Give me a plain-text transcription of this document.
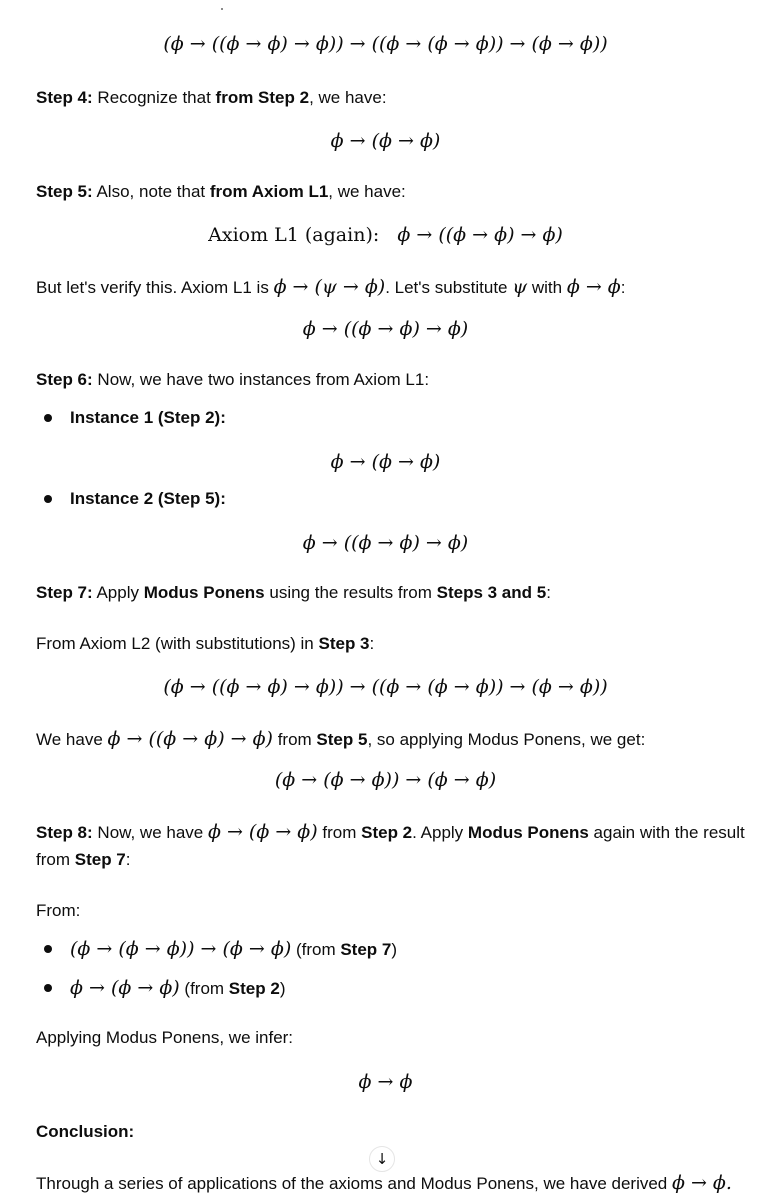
(ϕ → ((ϕ → ϕ) → ϕ)) → ((ϕ → (ϕ → ϕ)) → (ϕ → ϕ))
Step 4: Recognize that from Step 2, we have:
ϕ → (ϕ → ϕ)
Step 5: Also, note that from Axiom L1, we have:
Axiom L1 (again): ϕ → ((ϕ → ϕ) → ϕ)
But let's verify this. Axiom L1 is ϕ → (ψ → ϕ). Let's substitute ψ with ϕ → ϕ:
ϕ → ((ϕ → ϕ) → ϕ)
Step 6: Now, we have two instances from Axiom L1:
Instance 1 (Step 2):
ϕ → (ϕ → ϕ)
Instance 2 (Step 5):
ϕ → ((ϕ → ϕ) → ϕ)
Step 7: Apply Modus Ponens using the results from Steps 3 and 5:
From Axiom L2 (with substitutions) in Step 3:
(ϕ → ((ϕ → ϕ) → ϕ)) → ((ϕ → (ϕ → ϕ)) → (ϕ → ϕ))
We have ϕ → ((ϕ → ϕ) → ϕ) from Step 5, so applying Modus Ponens, we get:
(ϕ → (ϕ → ϕ)) → (ϕ → ϕ)
Step 8: Now, we have ϕ → (ϕ → ϕ) from Step 2. Apply Modus Ponens again with the result
from Step 7:
From:
(ϕ → (ϕ → ϕ)) → (ϕ → ϕ) (from Step 7)
ϕ → (ϕ → ϕ) (from Step 2)
Applying Modus Ponens, we infer:
ϕ → ϕ
Conclusion:
Through a series of applications of the axioms and Modus Ponens, we have derived ϕ → ϕ.
↓
